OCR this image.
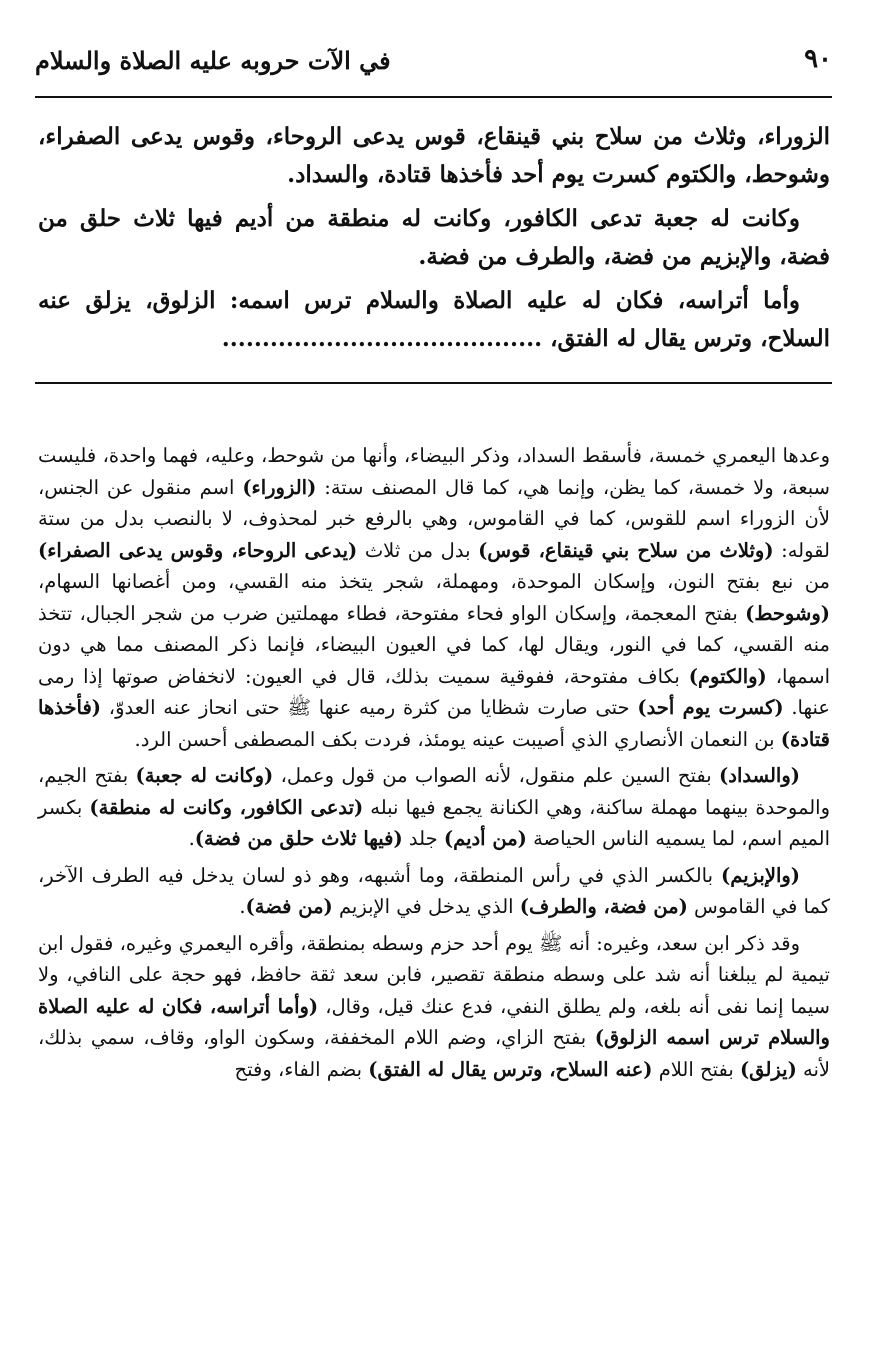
٩٠
في الآت حروبه عليه الصلاة والسلام

الزوراء، وثلاث من سلاح بني قينقاع، قوس يدعى الروحاء، وقوس يدعى الصفراء، وشوحط، والكتوم كسرت يوم أحد فأخذها قتادة، والسداد.

وكانت له جعبة تدعى الكافور، وكانت له منطقة من أديم فيها ثلاث حلق من فضة، والإبزيم من فضة، والطرف من فضة.

وأما أتراسه، فكان له عليه الصلاة والسلام ترس اسمه: الزلوق، يزلق عنه السلاح، وترس يقال له الفتق، ........................................

وعدها اليعمري خمسة، فأسقط السداد، وذكر البيضاء، وأنها من شوحط، وعليه، فهما واحدة، فليست سبعة، ولا خمسة، كما يظن، وإنما هي، كما قال المصنف ستة: (الزوراء) اسم منقول عن الجنس، لأن الزوراء اسم للقوس، كما في القاموس، وهي بالرفع خبر لمحذوف، لا بالنصب بدل من ستة لقوله: (وثلاث من سلاح بني قينقاع، قوس) بدل من ثلاث (يدعى الروحاء، وقوس يدعى الصفراء) من نبع بفتح النون، وإسكان الموحدة، ومهملة، شجر يتخذ منه القسي، ومن أغصانها السهام، (وشوحط) بفتح المعجمة، وإسكان الواو فحاء مفتوحة، فطاء مهملتين ضرب من شجر الجبال، تتخذ منه القسي، كما في النور، ويقال لها، كما في العيون البيضاء، فإنما ذكر المصنف مما هي دون اسمها، (والكتوم) بكاف مفتوحة، ففوقية سميت بذلك، قال في العيون: لانخفاض صوتها إذا رمى عنها. (كسرت يوم أحد) حتى صارت شظايا من كثرة رميه عنها ﷺ حتى انحاز عنه العدوّ، (فأخذها قتادة) بن النعمان الأنصاري الذي أصيبت عينه يومئذ، فردت بكف المصطفى أحسن الرد.

(والسداد) بفتح السين علم منقول، لأنه الصواب من قول وعمل، (وكانت له جعبة) بفتح الجيم، والموحدة بينهما مهملة ساكنة، وهي الكنانة يجمع فيها نبله (تدعى الكافور، وكانت له منطقة) بكسر الميم اسم، لما يسميه الناس الحياصة (من أديم) جلد (فيها ثلاث حلق من فضة).

(والإبزيم) بالكسر الذي في رأس المنطقة، وما أشبهه، وهو ذو لسان يدخل فيه الطرف الآخر، كما في القاموس (من فضة، والطرف) الذي يدخل في الإبزيم (من فضة).

وقد ذكر ابن سعد، وغيره: أنه ﷺ يوم أحد حزم وسطه بمنطقة، وأقره اليعمري وغيره، فقول ابن تيمية لم يبلغنا أنه شد على وسطه منطقة تقصير، فابن سعد ثقة حافظ، فهو حجة على النافي، ولا سيما إنما نفى أنه بلغه، ولم يطلق النفي، فدع عنك قيل، وقال، (وأما أتراسه، فكان له عليه الصلاة والسلام ترس اسمه الزلوق) بفتح الزاي، وضم اللام المخففة، وسكون الواو، وقاف، سمي بذلك، لأنه (يزلق) بفتح اللام (عنه السلاح، وترس يقال له الفتق) بضم الفاء، وفتح
